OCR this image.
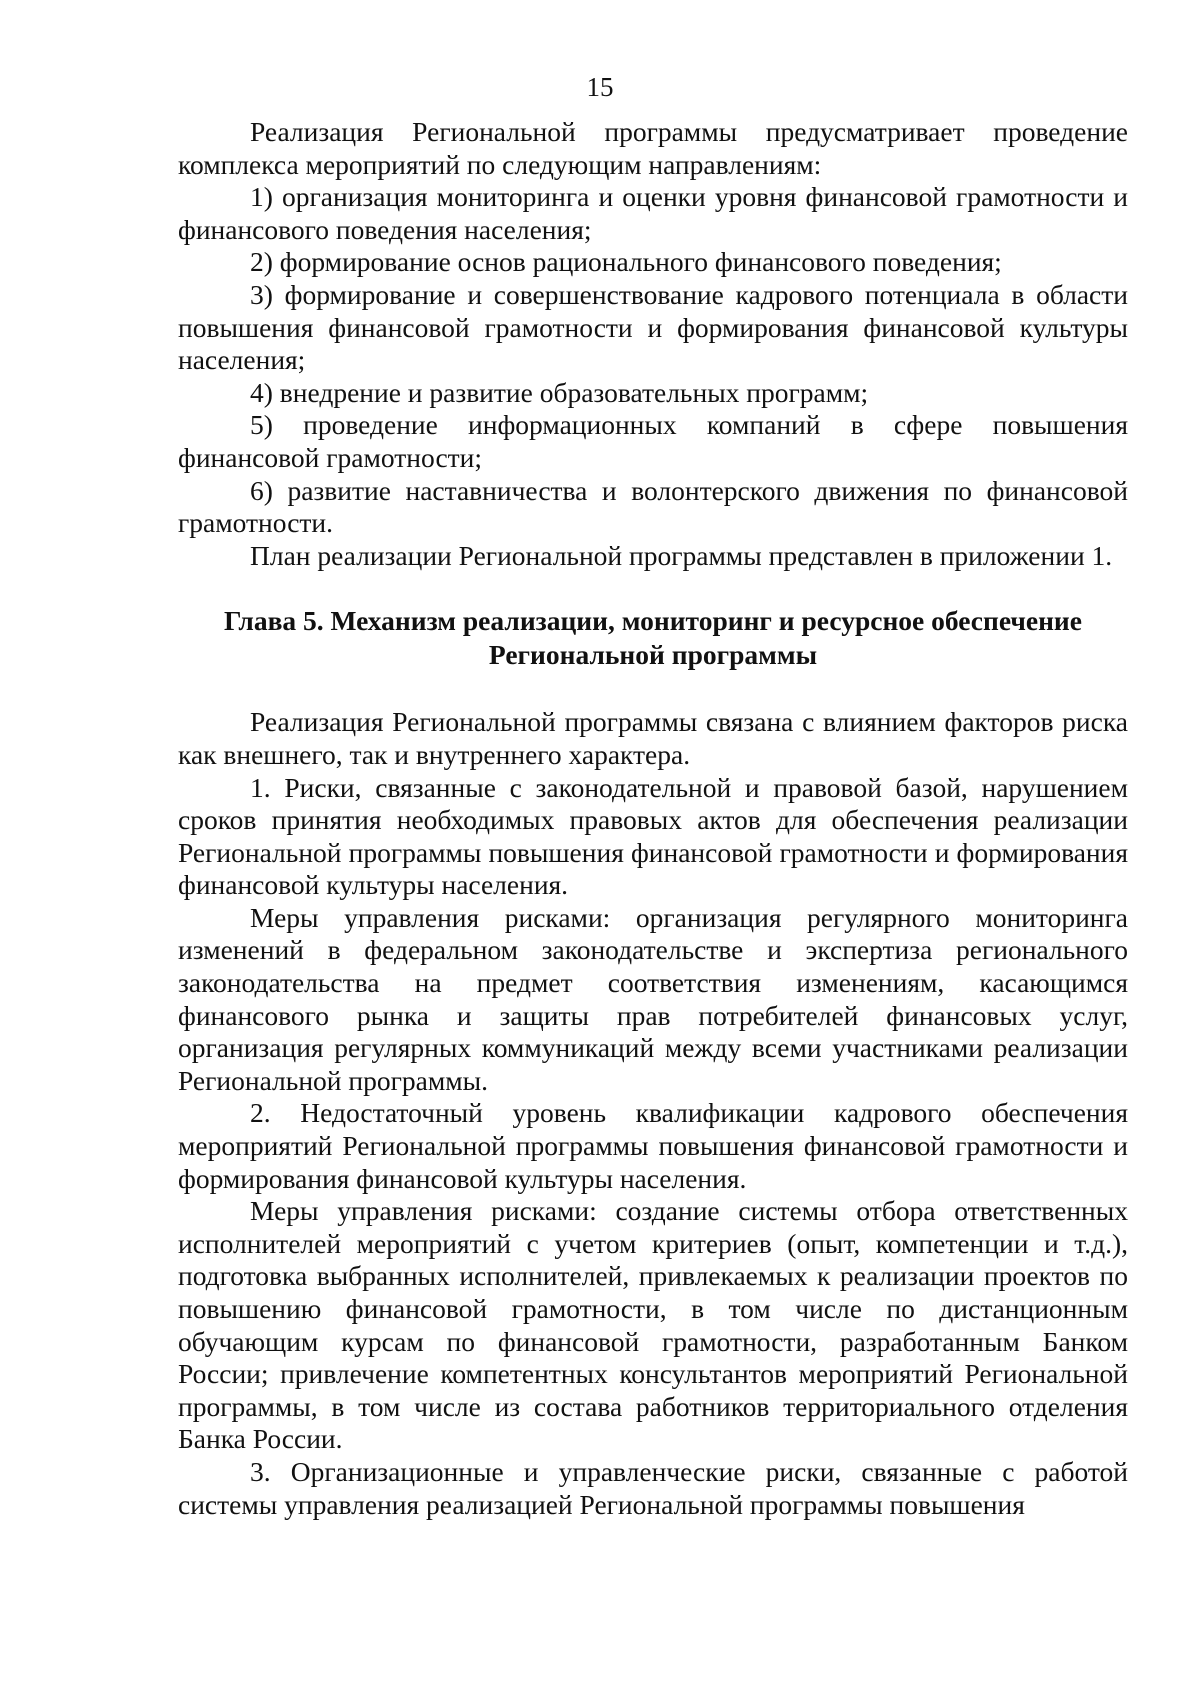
15

Реализация Региональной программы предусматривает проведение комплекса мероприятий по следующим направлениям:

1) организация мониторинга и оценки уровня финансовой грамотности и финансового поведения населения;

2) формирование основ рационального финансового поведения;

3) формирование и совершенствование кадрового потенциала в области повышения финансовой грамотности и формирования финансовой культуры населения;

4) внедрение и развитие образовательных программ;

5) проведение информационных компаний в сфере повышения финансовой грамотности;

6) развитие наставничества и волонтерского движения по финансовой грамотности.

План реализации Региональной программы представлен в приложении 1.

Глава 5. Механизм реализации, мониторинг и ресурсное обеспечение
Региональной программы

Реализация Региональной программы связана с влиянием факторов риска как внешнего, так и внутреннего характера.

1. Риски, связанные с законодательной и правовой базой, нарушением сроков принятия необходимых правовых актов для обеспечения реализации Региональной программы повышения финансовой грамотности и формирования финансовой культуры населения.

Меры управления рисками: организация регулярного мониторинга изменений в федеральном законодательстве и экспертиза регионального законодательства на предмет соответствия изменениям, касающимся финансового рынка и защиты прав потребителей финансовых услуг, организация регулярных коммуникаций между всеми участниками реализации Региональной программы.

2. Недостаточный уровень квалификации кадрового обеспечения мероприятий Региональной программы повышения финансовой грамотности и формирования финансовой культуры населения.

Меры управления рисками: создание системы отбора ответственных исполнителей мероприятий с учетом критериев (опыт, компетенции и т.д.), подготовка выбранных исполнителей, привлекаемых к реализации проектов по повышению финансовой грамотности, в том числе по дистанционным обучающим курсам по финансовой грамотности, разработанным Банком России; привлечение компетентных консультантов мероприятий Региональной программы, в том числе из состава работников территориального отделения Банка России.

3. Организационные и управленческие риски, связанные с работой системы управления реализацией Региональной программы повышения
